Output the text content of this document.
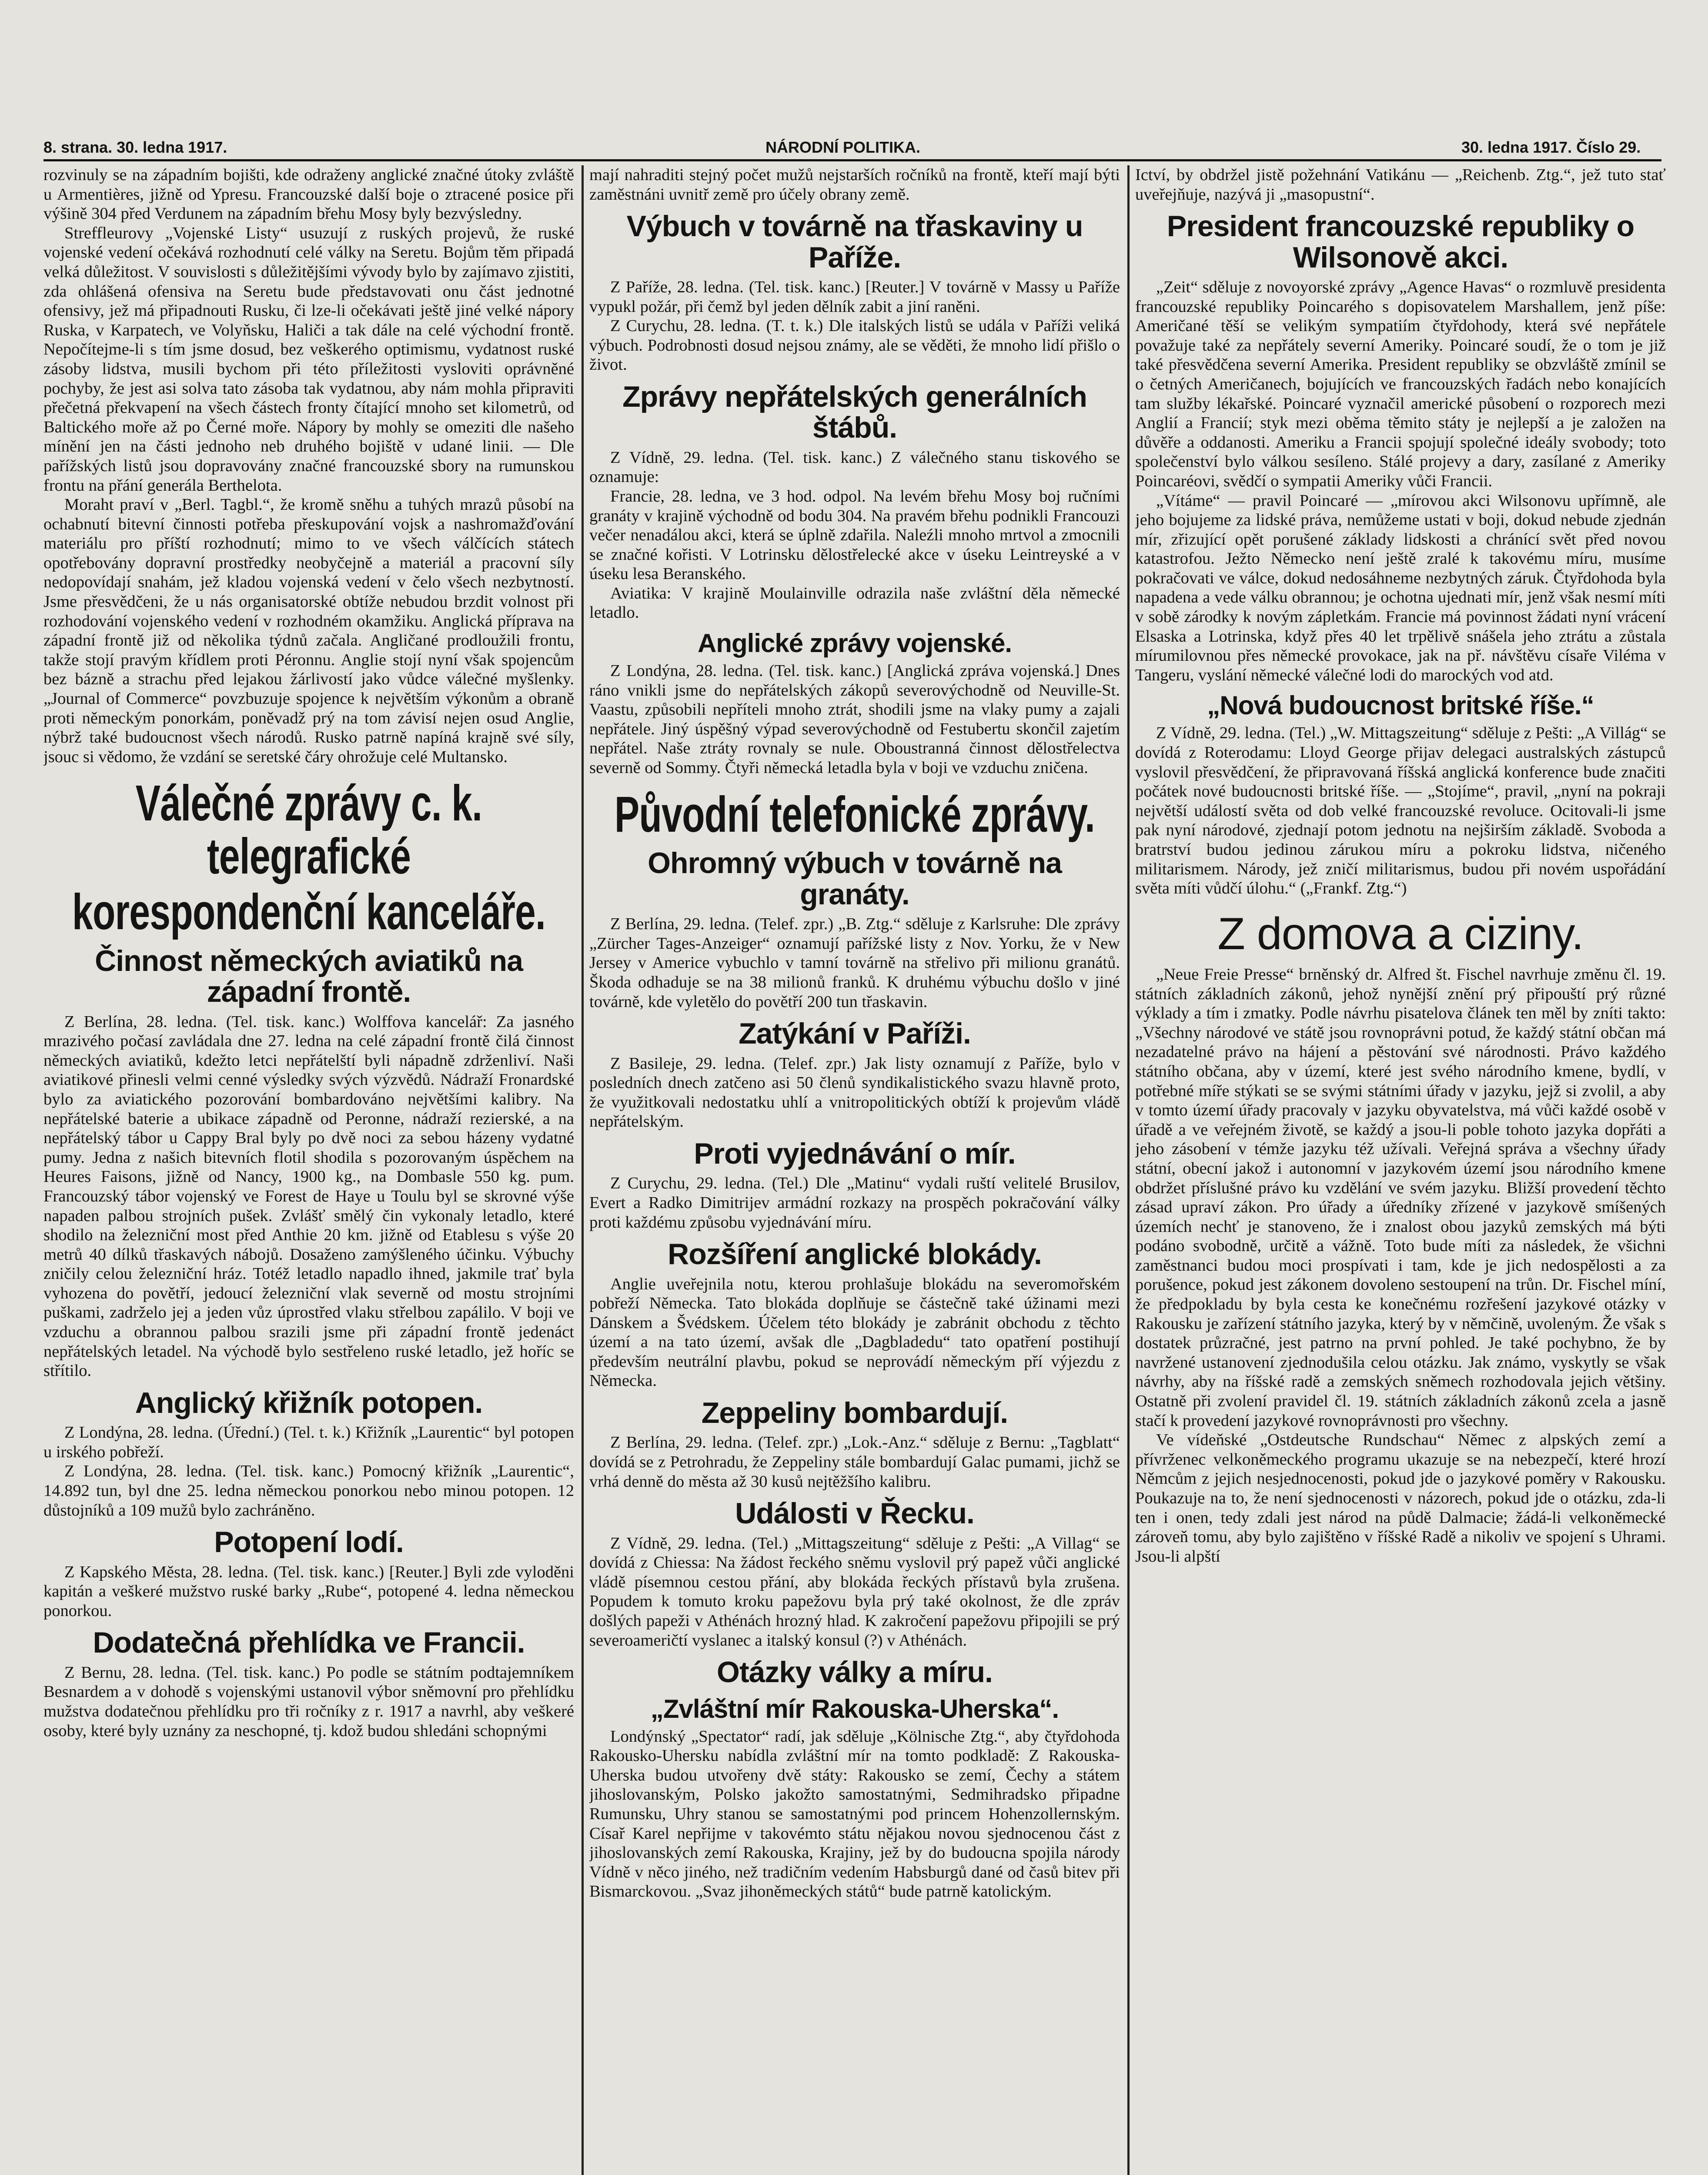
8. strana. 30. ledna 1917.	NÁRODNÍ POLITIKA.	30. ledna 1917. Číslo 29.

rozvinuly se na západním bojišti, kde odraženy anglické značné útoky zvláště u Armentières, jižně od Ypresu. Francouzské další boje o ztracené posice při výšině 304 před Verdunem na západním břehu Mosy byly bezvýsledny.

Streffleurovy „Vojenské Listy“ usuzují z ruských projevů, že ruské vojenské vedení očekává rozhodnutí celé války na Seretu. Bojům těm připadá velká důležitost. V souvislosti s důležitějšími vývody bylo by zajímavo zjistiti, zda ohlášená ofensiva na Seretu bude představovati onu část jednotné ofensivy, jež má připadnouti Rusku, či lze-li očekávati ještě jiné velké nápory Ruska, v Karpatech, ve Volyňsku, Haliči a tak dále na celé východní frontě. Nepočítejme-li s tím jsme dosud, bez veškerého optimismu, vydatnost ruské zásoby lidstva, musili bychom při této příležitosti vysloviti oprávněné pochyby, že jest asi solva tato zásoba tak vydatnou, aby nám mohla připraviti přečetná překvapení na všech částech fronty čítající mnoho set kilometrů, od Baltického moře až po Černé moře. Nápory by mohly se omeziti dle našeho mínění jen na části jednoho neb druhého bojiště v udané linii. — Dle pařížských listů jsou dopravovány značné francouzské sbory na rumunskou frontu na přání generála Berthelota.

Moraht praví v „Berl. Tagbl.“, že kromě sněhu a tuhých mrazů působí na ochabnutí bitevní činnosti potřeba přeskupování vojsk a nashromažďování materiálu pro příští rozhodnutí; mimo to ve všech válčících státech opotřebovány dopravní prostředky neobyčejně a materiál a pracovní síly nedopovídají snahám, jež kladou vojenská vedení v čelo všech nezbytností. Jsme přesvědčeni, že u nás organisatorské obtíže nebudou brzdit volnost při rozhodování vojenského vedení v rozhodném okamžiku. Anglická příprava na západní frontě již od několika týdnů začala. Angličané prodloužili frontu, takže stojí pravým křídlem proti Péronnu. Anglie stojí nyní však spojencům bez bázně a strachu před lejakou žárlivostí jako vůdce válečné myšlenky. „Journal of Commerce“ povzbuzuje spojence k největším výkonům a obraně proti německým ponorkám, poněvadž prý na tom závisí nejen osud Anglie, nýbrž také budoucnost všech národů. Rusko patrně napíná krajně své síly, jsouc si vědomo, že vzdání se seretské čáry ohrožuje celé Multansko.

Válečné zprávy c. k. telegrafické
korespondenční kanceláře.
Činnost německých aviatiků na západní frontě.

Z Berlína, 28. ledna. (Tel. tisk. kanc.) Wolffova kancelář: Za jasného mrazivého počasí zavládala dne 27. ledna na celé západní frontě čilá činnost německých aviatiků, kdežto letci nepřátelští byli nápadně zdrženliví. Naši aviatikové přinesli velmi cenné výsledky svých výzvědů. Nádraží Fronardské bylo za aviatického pozorování bombardováno největšími kalibry. Na nepřátelské baterie a ubikace západně od Peronne, nádraží rezierské, a na nepřátelský tábor u Cappy Bral byly po dvě noci za sebou házeny vydatné pumy. Jedna z našich bitevních flotil shodila s pozorovaným úspěchem na Heures Faisons, jižně od Nancy, 1900 kg., na Dombasle 550 kg. pum. Francouzský tábor vojenský ve Forest de Haye u Toulu byl se skrovné výše napaden palbou strojních pušek. Zvlášť smělý čin vykonaly letadlo, které shodilo na železniční most před Anthie 20 km. jižně od Etablesu s výše 20 metrů 40 dílků třaskavých nábojů. Dosaženo zamýšleného účinku. Výbuchy zničily celou železniční hráz. Totéž letadlo napadlo ihned, jakmile trať byla vyhozena do povětří, jedoucí železniční vlak severně od mostu strojními puškami, zadrželo jej a jeden vůz úprostřed vlaku střelbou zapálilo. V boji ve vzduchu a obrannou palbou srazili jsme při západní frontě jedenáct nepřátelských letadel. Na východě bylo sestřeleno ruské letadlo, jež hoříc se střítilo.

Anglický křižník potopen.

Z Londýna, 28. ledna. (Úřední.) (Tel. t. k.) Křižník „Laurentic“ byl potopen u irského pobřeží.

Z Londýna, 28. ledna. (Tel. tisk. kanc.) Pomocný křižník „Laurentic“, 14.892 tun, byl dne 25. ledna německou ponorkou nebo minou potopen. 12 důstojníků a 109 mužů bylo zachráněno.

Potopení lodí.

Z Kapského Města, 28. ledna. (Tel. tisk. kanc.) [Reuter.] Byli zde vyloděni kapitán a veškeré mužstvo ruské barky „Rube“, potopené 4. ledna německou ponorkou.

Dodatečná přehlídka ve Francii.

Z Bernu, 28. ledna. (Tel. tisk. kanc.) Po podle se státním podtajemníkem Besnardem a v dohodě s vojenskými ustanovil výbor sněmovní pro přehlídku mužstva dodatečnou přehlídku pro tři ročníky z r. 1917 a navrhl, aby veškeré osoby, které byly uznány za neschopné, tj. kdož budou shledáni schopnými

mají nahraditi stejný počet mužů nejstarších ročníků na frontě, kteří mají býti zaměstnáni uvnitř země pro účely obrany země.

Výbuch v továrně na třaskaviny u Paříže.

Z Paříže, 28. ledna. (Tel. tisk. kanc.) [Reuter.] V továrně v Massy u Paříže vypukl požár, při čemž byl jeden dělník zabit a jiní raněni.

Z Curychu, 28. ledna. (T. t. k.) Dle italských listů se udála v Paříži veliká výbuch. Podrobnosti dosud nejsou známy, ale se věděti, že mnoho lidí přišlo o život.

Zprávy nepřátelských generálních štábů.

Z Vídně, 29. ledna. (Tel. tisk. kanc.) Z válečného stanu tiskového se oznamuje:

Francie, 28. ledna, ve 3 hod. odpol. Na levém břehu Mosy boj ručními granáty v krajině východně od bodu 304. Na pravém břehu podnikli Francouzi večer nenadálou akci, která se úplně zdařila. Naleźli mnoho mrtvol a zmocnili se značné kořisti. V Lotrinsku dělostřelecké akce v úseku Leintreyské a v úseku lesa Beranského.

Aviatika: V krajině Moulainville odrazila naše zvláštní děla německé letadlo.

Anglické zprávy vojenské.

Z Londýna, 28. ledna. (Tel. tisk. kanc.) [Anglická zpráva vojenská.] Dnes ráno vnikli jsme do nepřátelských zákopů severovýchodně od Neuville-St. Vaastu, způsobili nepříteli mnoho ztrát, shodili jsme na vlaky pumy a zajali nepřátele. Jiný úspěšný výpad severovýchodně od Festubertu skončil zajetím nepřátel. Naše ztráty rovnaly se nule. Oboustranná činnost dělostřelectva severně od Sommy. Čtyři německá letadla byla v boji ve vzduchu zničena.

Původní telefonické zprávy.
Ohromný výbuch v továrně na granáty.

Z Berlína, 29. ledna. (Telef. zpr.) „B. Ztg.“ sděluje z Karlsruhe: Dle zprávy „Zürcher Tages-Anzeiger“ oznamují pařížské listy z Nov. Yorku, že v New Jersey v Americe vybuchlo v tamní továrně na střelivo při milionu granátů. Škoda odhaduje se na 38 milionů franků. K druhému výbuchu došlo v jiné továrně, kde vyletělo do povětří 200 tun třaskavin.

Zatýkání v Paříži.

Z Basileje, 29. ledna. (Telef. zpr.) Jak listy oznamují z Paříže, bylo v posledních dnech zatčeno asi 50 členů syndikalistického svazu hlavně proto, že využitkovali nedostatku uhlí a vnitropolitických obtíží k projevům vládě nepřátelským.

Proti vyjednávání o mír.

Z Curychu, 29. ledna. (Tel.) Dle „Matinu“ vydali ruští velitelé Brusilov, Evert a Radko Dimitrijev armádní rozkazy na prospěch pokračování války proti každému způsobu vyjednávání míru.

Rozšíření anglické blokády.

Anglie uveřejnila notu, kterou prohlašuje blokádu na severomořském pobřeží Německa. Tato blokáda doplňuje se částečně také úžinami mezi Dánskem a Švédskem. Účelem této blokády je zabránit obchodu z těchto území a na tato území, avšak dle „Dagbladedu“ tato opatření postihují především neutrální plavbu, pokud se neprovádí německým pří výjezdu z Německa.

Zeppeliny bombardují.

Z Berlína, 29. ledna. (Telef. zpr.) „Lok.-Anz.“ sděluje z Bernu: „Tagblatt“ dovídá se z Petrohradu, že Zeppeliny stále bombardují Galac pumami, jichž se vrhá denně do města až 30 kusů nejtěžšího kalibru.

Události v Řecku.

Z Vídně, 29. ledna. (Tel.) „Mittagszeitung“ sděluje z Pešti: „A Villag“ se dovídá z Chiessa: Na žádost řeckého sněmu vyslovil prý papež vůči anglické vládě písemnou cestou přání, aby blokáda řeckých přístavů byla zrušena. Popudem k tomuto kroku papežovu byla prý také okolnost, že dle zpráv došlých papeži v Athénách hrozný hlad. K zakročení papežovu připojili se prý severoameričtí vyslanec a italský konsul (?) v Athénách.

Otázky války a míru.
„Zvláštní mír Rakouska-Uherska“.

Londýnský „Spectator“ radí, jak sděluje „Kölnische Ztg.“, aby čtyřdohoda Rakousko-Uhersku nabídla zvláštní mír na tomto podkladě: Z Rakouska-Uherska budou utvořeny dvě státy: Rakousko se zemí, Čechy a státem jihoslovanským, Polsko jakožto samostatnými, Sedmihradsko připadne Rumunsku, Uhry stanou se samostatnými pod princem Hohenzollernským. Císař Karel nepřijme v takovémto státu nějakou novou sjednocenou část z jihoslovanských zemí Rakouska, Krajiny, jež by do budoucna spojila národy Vídně v něco jiného, než tradičním vedením Habsburgů dané od časů bitev při Bismarckovou. „Svaz jihoněmeckých států“ bude patrně katolickým.

Ictví, by obdržel jistě požehnání Vatikánu — „Reichenb. Ztg.“, jež tuto stať uveřejňuje, nazývá ji „masopustní“.

President francouzské republiky o Wilsonově akci.

„Zeit“ sděluje z novoyorské zprávy „Agence Havas“ o rozmluvě presidenta francouzské republiky Poincarého s dopisovatelem Marshallem, jenž píše: Američané těší se velikým sympatiím čtyřdohody, která své nepřátele považuje také za nepřátely severní Ameriky. Poincaré soudí, že o tom je již také přesvědčena severní Amerika. President republiky se obzvláště zmínil se o četných Američanech, bojujících ve francouzských řadách nebo konajících tam služby lékařské. Poincaré vyznačil americké působení o rozporech mezi Anglií a Francií; styk mezi oběma těmito státy je nejlepší a je založen na důvěře a oddanosti. Ameriku a Francii spojují společné ideály svobody; toto společenství bylo válkou sesíleno. Stálé projevy a dary, zasílané z Ameriky Poincaréovi, svědčí o sympatii Ameriky vůči Francii.

„Vítáme“ — pravil Poincaré — „mírovou akci Wilsonovu upřímně, ale jeho bojujeme za lidské práva, nemůžeme ustati v boji, dokud nebude zjednán mír, zřizující opět porušené základy lidskosti a chránící svět před novou katastrofou. Ježto Německo není ještě zralé k takovému míru, musíme pokračovati ve válce, dokud nedosáhneme nezbytných záruk. Čtyřdohoda byla napadena a vede válku obrannou; je ochotna ujednati mír, jenž však nesmí míti v sobě zárodky k novým zápletkám. Francie má povinnost žádati nyní vrácení Elsaska a Lotrinska, když přes 40 let trpělivě snášela jeho ztrátu a zůstala mírumilovnou přes německé provokace, jak na př. návštěvu císaře Viléma v Tangeru, vyslání německé válečné lodi do marockých vod atd.

„Nová budoucnost britské říše.“

Z Vídně, 29. ledna. (Tel.) „W. Mittagszeitung“ sděluje z Pešti: „A Villág“ se dovídá z Roterodamu: Lloyd George přijav delegaci australských zástupců vyslovil přesvědčení, že připravovaná říšská anglická konference bude značiti počátek nové budoucnosti britské říše. — „Stojíme“, pravil, „nyní na pokraji největší událostí světa od dob velké francouzské revoluce. Ocitovali-li jsme pak nyní národové, zjednají potom jednotu na nejširším základě. Svoboda a bratrství budou jedinou zárukou míru a pokroku lidstva, ničeného militarismem. Národy, jež zničí militarismus, budou při novém uspořádání světa míti vůdčí úlohu.“ („Frankf. Ztg.“)

Z domova a ciziny.

„Neue Freie Presse“ brněnský dr. Alfred št. Fischel navrhuje změnu čl. 19. státních základních zákonů, jehož nynější znění prý připouští prý různé výklady a tím i zmatky. Podle návrhu pisatelova článek ten měl by zníti takto: „Všechny národové ve státě jsou rovnoprávni potud, že každý státní občan má nezadatelné právo na hájení a pěstování své národnosti. Právo každého státního občana, aby v území, které jest svého národního kmene, bydlí, v potřebné míře stýkati se se svými státními úřady v jazyku, jejž si zvolil, a aby v tomto území úřady pracovaly v jazyku obyvatelstva, má vůči každé osobě v úřadě a ve veřejném životě, se každý a jsou-li poble tohoto jazyka dopřáti a jeho zásobení v témže jazyku též užívali. Veřejná správa a všechny úřady státní, obecní jakož i autonomní v jazykovém území jsou národního kmene obdržet příslušné právo ku vzdělání ve svém jazyku. Bližší provedení těchto zásad upraví zákon. Pro úřady a úředníky zřízené v jazykově smíšených územích nechť je stanoveno, že i znalost obou jazyků zemských má býti podáno svobodně, určitě a vážně. Toto bude míti za následek, že všichni zaměstnanci budou moci prospívati i tam, kde je jich nedospělosti a za porušence, pokud jest zákonem dovoleno sestoupení na trůn. Dr. Fischel míní, že předpokladu by byla cesta ke konečnému rozřešení jazykové otázky v Rakousku je zařízení státního jazyka, který by v němčině, uvoleným. Že však s dostatek průzračné, jest patrno na první pohled. Je také pochybno, že by navržené ustanovení zjednodušila celou otázku. Jak známo, vyskytly se však návrhy, aby na říšské radě a zemských sněmech rozhodovala jejich většiny. Ostatně při zvolení pravidel čl. 19. státních základních zákonů zcela a jasně stačí k provedení jazykové rovnoprávnosti pro všechny.

Ve vídeňské „Ostdeutsche Rundschau“ Němec z alpských zemí a přívrženec velkoněmeckého programu ukazuje se na nebezpečí, které hrozí Němcům z jejich nesjednocenosti, pokud jde o jazykové poměry v Rakousku. Poukazuje na to, že není sjednocenosti v názorech, pokud jde o otázku, zda-li ten i onen, tedy zdali jest národ na půdě Dalmacie; žádá-li velkoněmecké zároveň tomu, aby bylo zajištěno v říšské Radě a nikoliv ve spojení s Uhrami. Jsou-li alpští
